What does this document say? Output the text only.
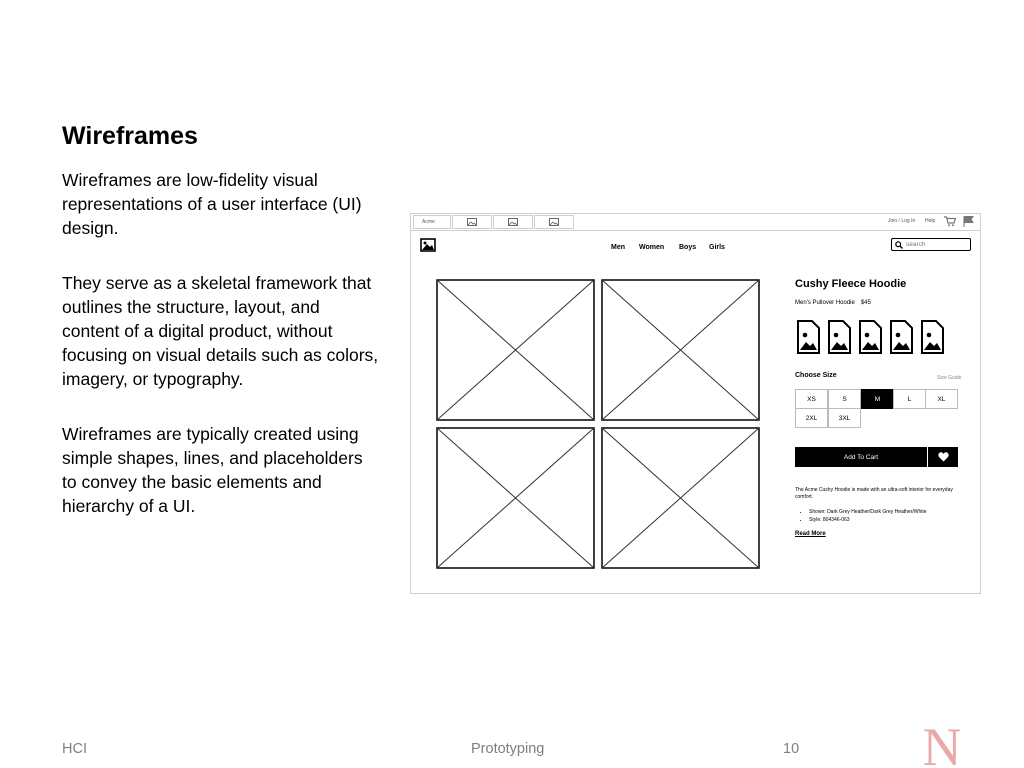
Wireframes

Wireframes are low-fidelity visual representations of a user interface (UI) design.

They serve as a skeletal framework that outlines the structure, layout, and content of a digital product, without focusing on visual details such as colors, imagery, or typography.

Wireframes are typically created using simple shapes, lines, and placeholders to convey the basic elements and hierarchy of a UI.

Acme	Join / Log In Help
Men Women Boys Girls	search
Cushy Fleece Hoodie
Men's Pullover Hoodie $45
Choose Size	Size Guide
XS	S	M	L	XL
2XL	3XL
Add To Cart
The Acme Cushy Hoodie is made with an ultra-soft interior for everyday comfort.
• Shown: Dark Grey Heather/Dark Grey Heather/White
• Style: 804346-063
Read More
HCI	Prototyping	10 N
